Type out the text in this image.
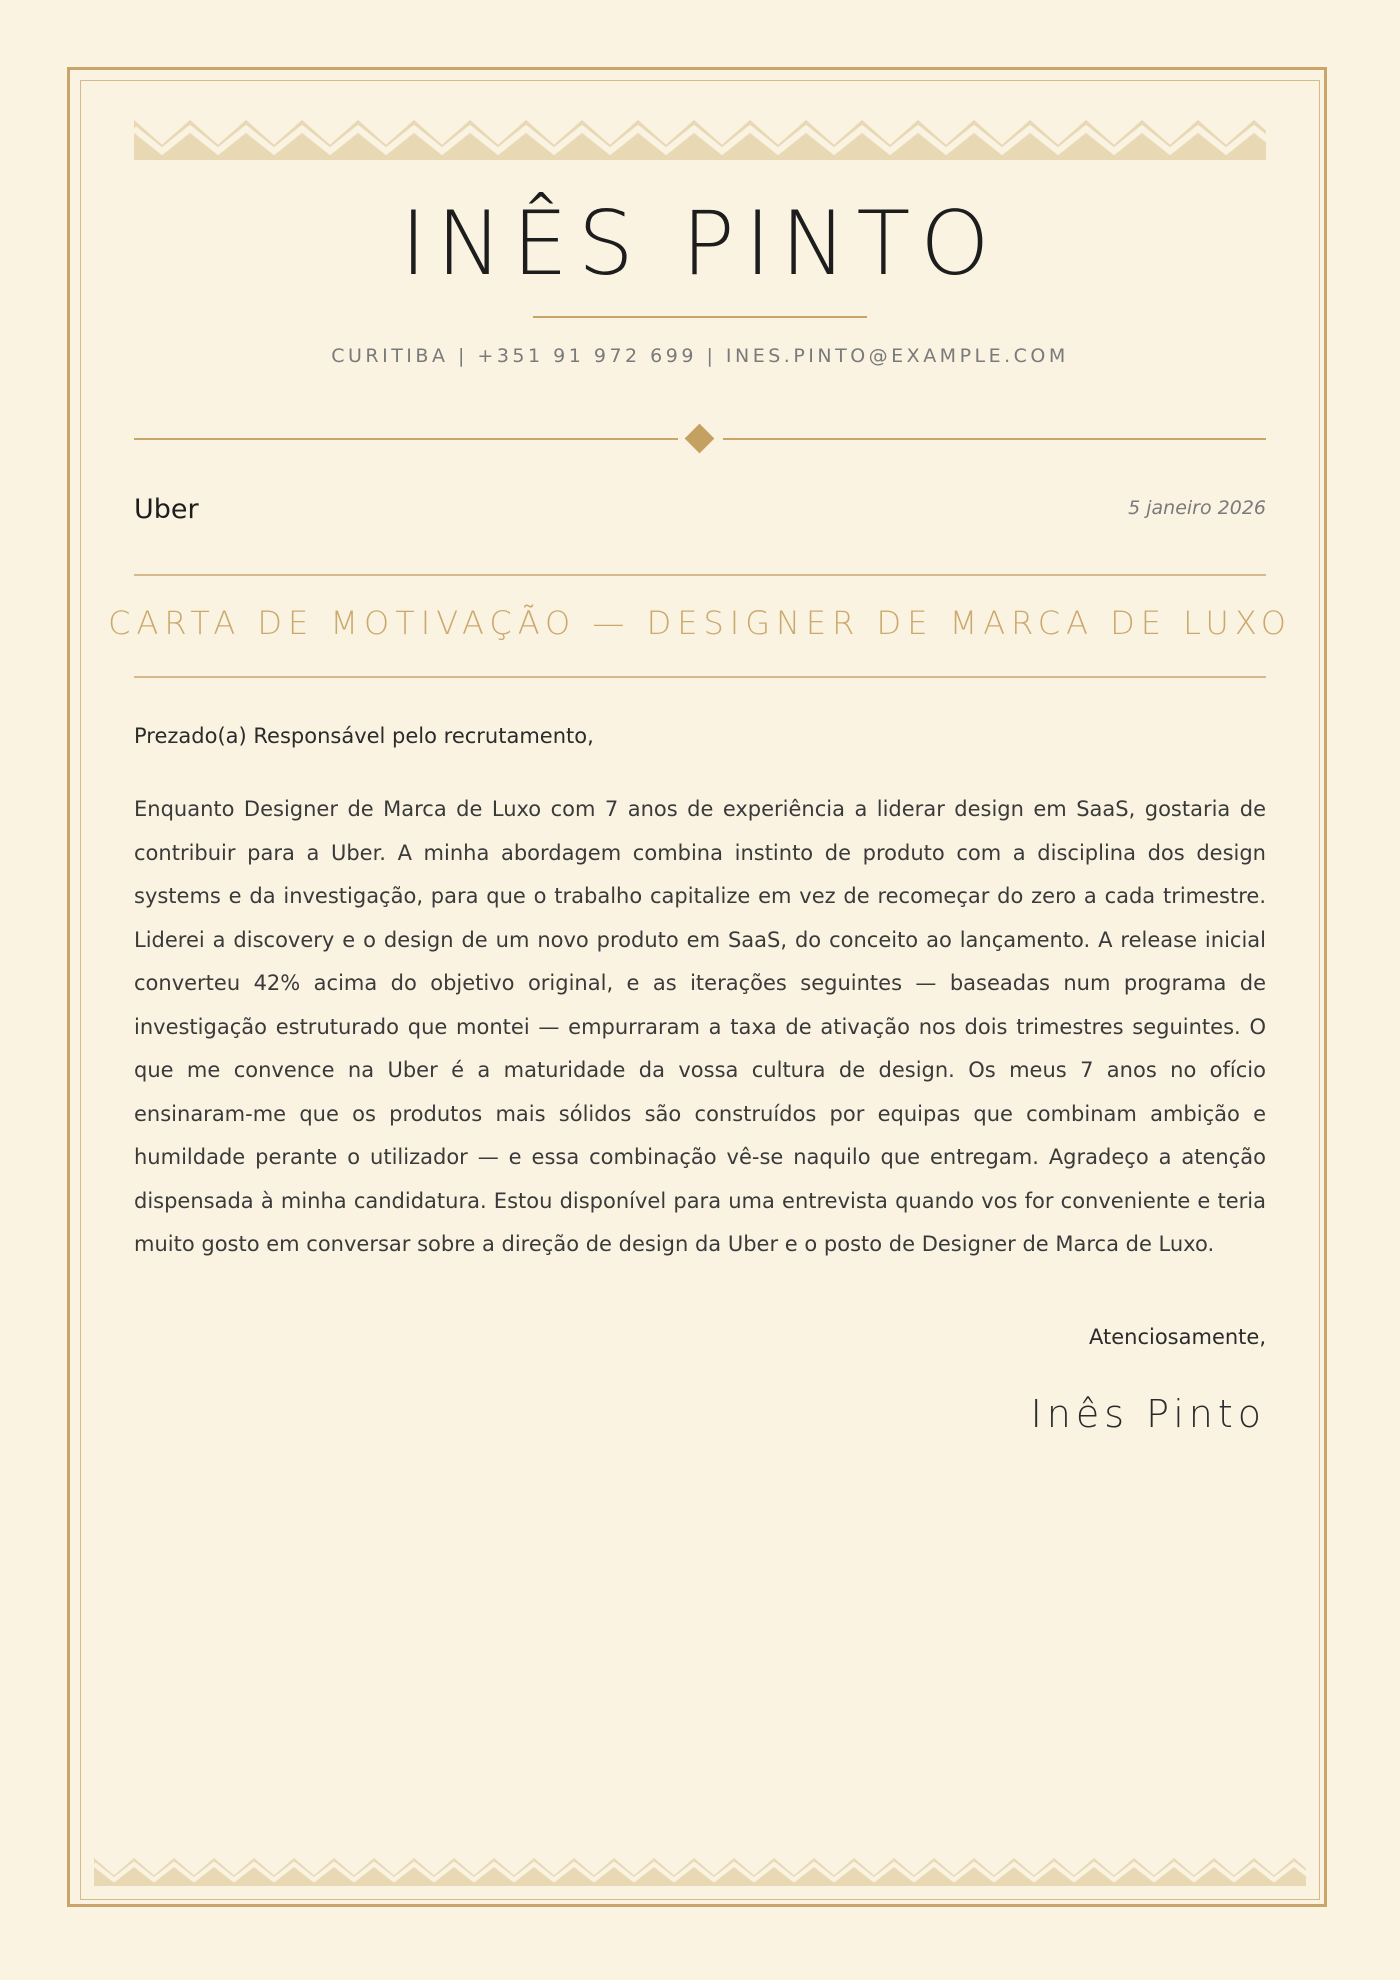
INÊS PINTO
CURITIBA | +351 91 972 699 | INES.PINTO@EXAMPLE.COM
Uber	5 janeiro 2026
CARTA DE MOTIVAÇÃO — DESIGNER DE MARCA DE LUXO
Prezado(a) Responsável pelo recrutamento,
Enquanto Designer de Marca de Luxo com 7 anos de experiência a liderar design em SaaS, gostaria de contribuir para a Uber. A minha abordagem combina instinto de produto com a disciplina dos design systems e da investigação, para que o trabalho capitalize em vez de recomeçar do zero a cada trimestre. Liderei a discovery e o design de um novo produto em SaaS, do conceito ao lançamento. A release inicial converteu 42% acima do objetivo original, e as iterações seguintes — baseadas num programa de investigação estruturado que montei — empurraram a taxa de ativação nos dois trimestres seguintes. O que me convence na Uber é a maturidade da vossa cultura de design. Os meus 7 anos no ofício ensinaram-me que os produtos mais sólidos são construídos por equipas que combinam ambição e humildade perante o utilizador — e essa combinação vê-se naquilo que entregam. Agradeço a atenção dispensada à minha candidatura. Estou disponível para uma entrevista quando vos for conveniente e teria muito gosto em conversar sobre a direção de design da Uber e o posto de Designer de Marca de Luxo.
Atenciosamente,
Inês Pinto
